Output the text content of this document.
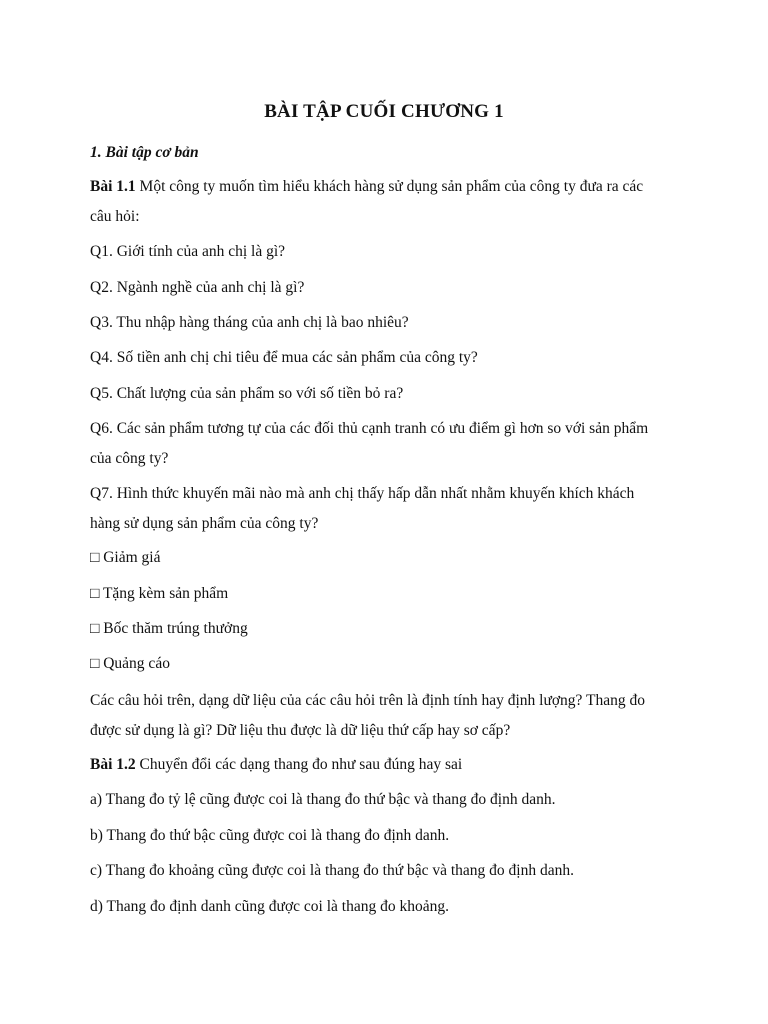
BÀI TẬP CUỐI CHƯƠNG 1
1. Bài tập cơ bản
Bài 1.1 Một công ty muốn tìm hiểu khách hàng sử dụng sản phẩm của công ty đưa ra các
câu hỏi:
Q1. Giới tính của anh chị là gì?
Q2. Ngành nghề của anh chị là gì?
Q3. Thu nhập hàng tháng của anh chị là bao nhiêu?
Q4. Số tiền anh chị chi tiêu để mua các sản phẩm của công ty?
Q5. Chất lượng của sản phẩm so với số tiền bỏ ra?
Q6. Các sản phẩm tương tự của các đối thủ cạnh tranh có ưu điểm gì hơn so với sản phẩm
của công ty?
Q7. Hình thức khuyến mãi nào mà anh chị thấy hấp dẫn nhất nhằm khuyến khích khách
hàng sử dụng sản phẩm của công ty?
□ Giảm giá
□ Tặng kèm sản phẩm
□ Bốc thăm trúng thưởng
□ Quảng cáo
Các câu hỏi trên, dạng dữ liệu của các câu hỏi trên là định tính hay định lượng? Thang đo
được sử dụng là gì? Dữ liệu thu được là dữ liệu thứ cấp hay sơ cấp?
Bài 1.2 Chuyển đổi các dạng thang đo như sau đúng hay sai
a) Thang đo tỷ lệ cũng được coi là thang đo thứ bậc và thang đo định danh.
b) Thang đo thứ bậc cũng được coi là thang đo định danh.
c) Thang đo khoảng cũng được coi là thang đo thứ bậc và thang đo định danh.
d) Thang đo định danh cũng được coi là thang đo khoảng.
